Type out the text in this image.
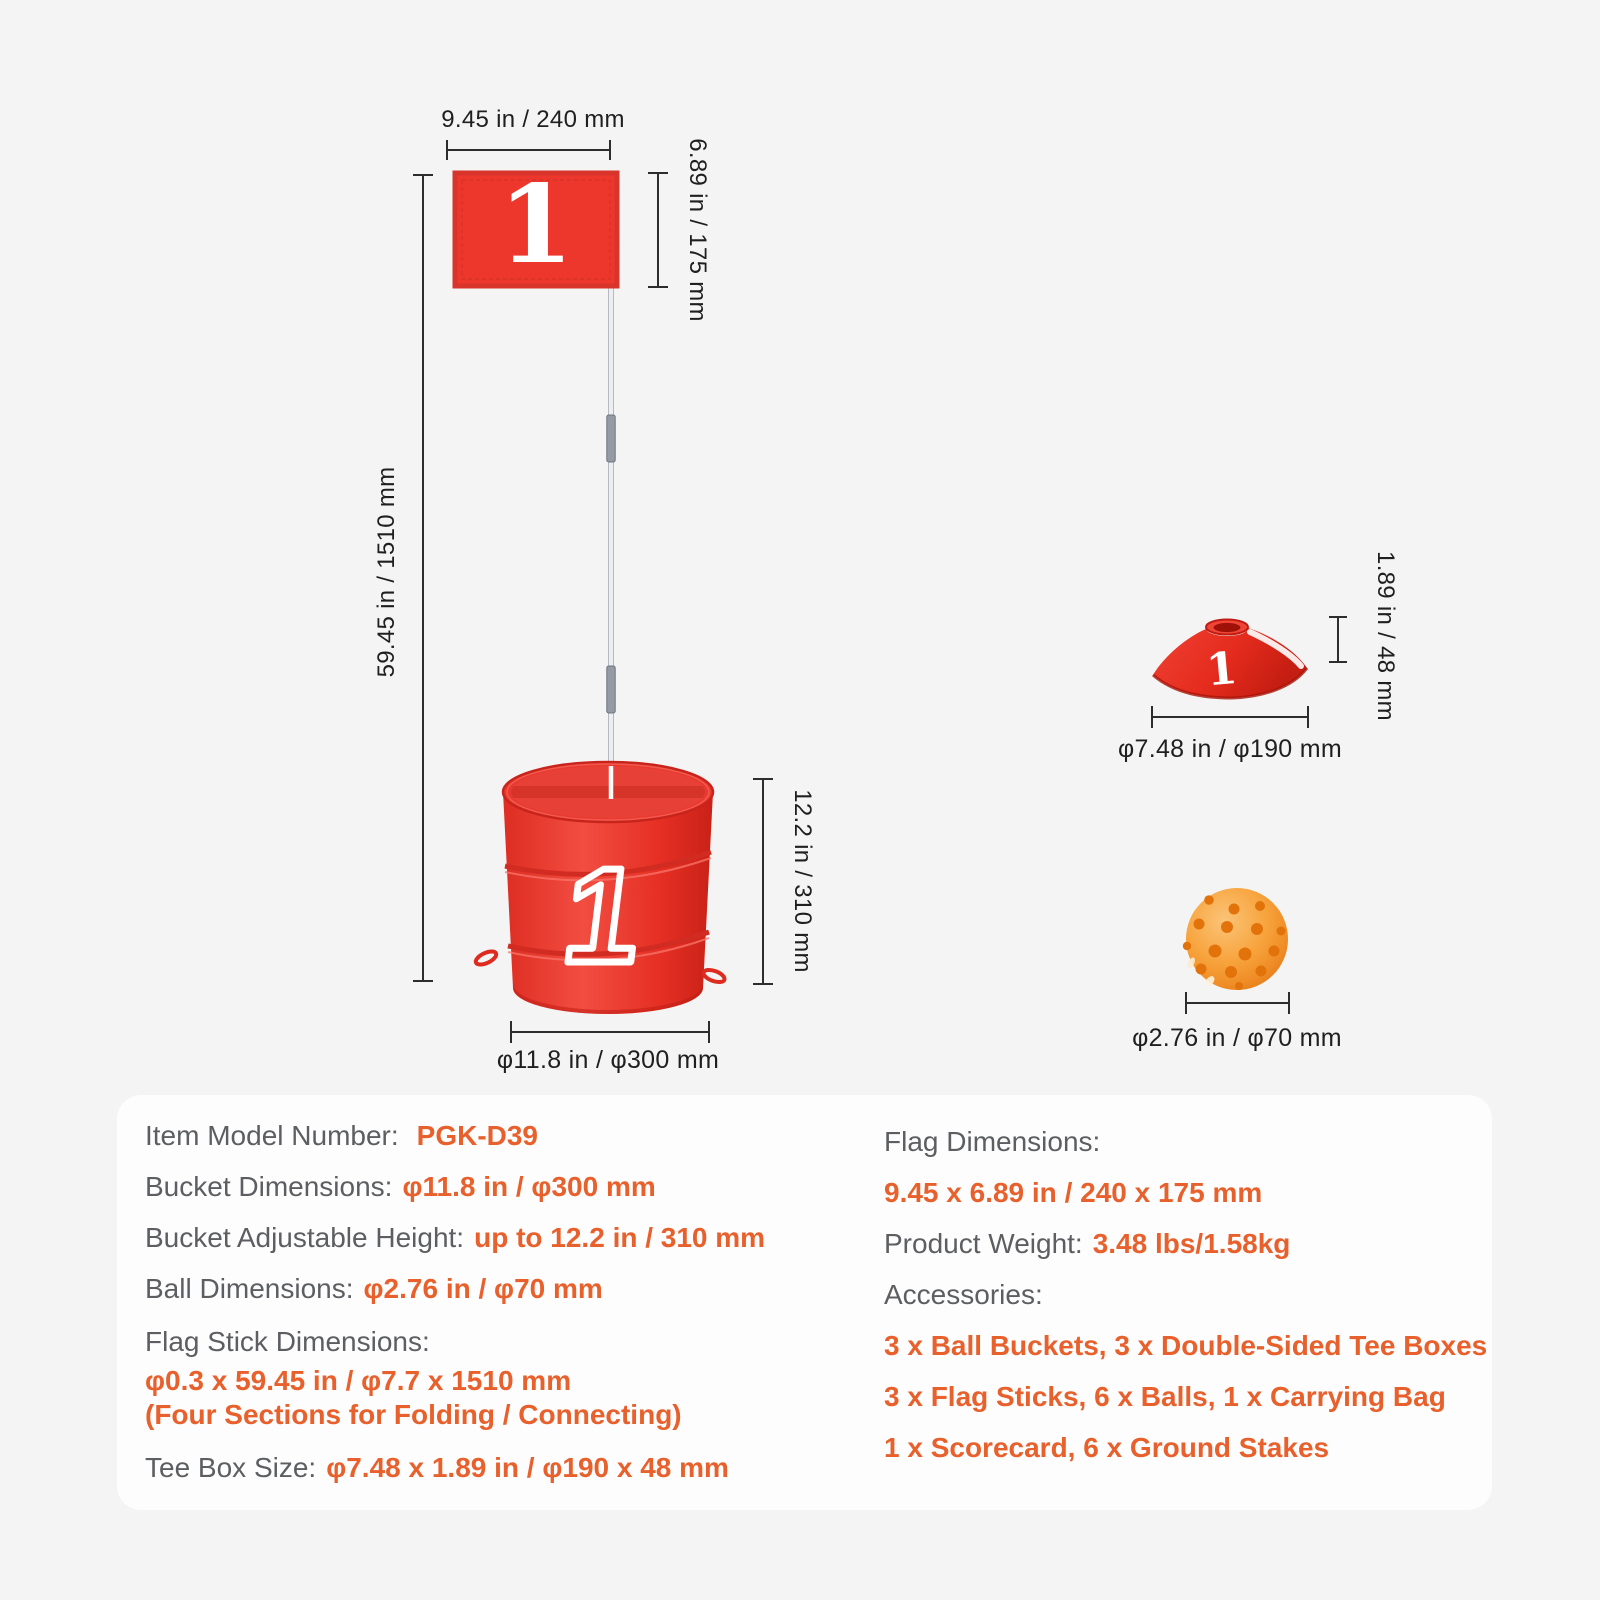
59.45 in / 1510 mm
9.45 in / 240 mm
1	6.89 in / 175 mm
1	12.2 in / 310 mm
φ11.8 in / φ300 mm
1	1.89 in / 48 mm
φ7.48 in / φ190 mm
φ2.76 in / φ70 mm
Item Model Number: PGK-D39
Bucket Dimensions: φ11.8 in / φ300 mm
Bucket Adjustable Height: up to 12.2 in / 310 mm
Ball Dimensions: φ2.76 in / φ70 mm
Flag Stick Dimensions:
φ0.3 x 59.45 in / φ7.7 x 1510 mm
(Four Sections for Folding / Connecting)
Tee Box Size: φ7.48 x 1.89 in / φ190 x 48 mm
Flag Dimensions:
9.45 x 6.89 in / 240 x 175 mm
Product Weight: 3.48 lbs/1.58kg
Accessories:
3 x Ball Buckets, 3 x Double-Sided Tee Boxes
3 x Flag Sticks, 6 x Balls, 1 x Carrying Bag
1 x Scorecard, 6 x Ground Stakes
